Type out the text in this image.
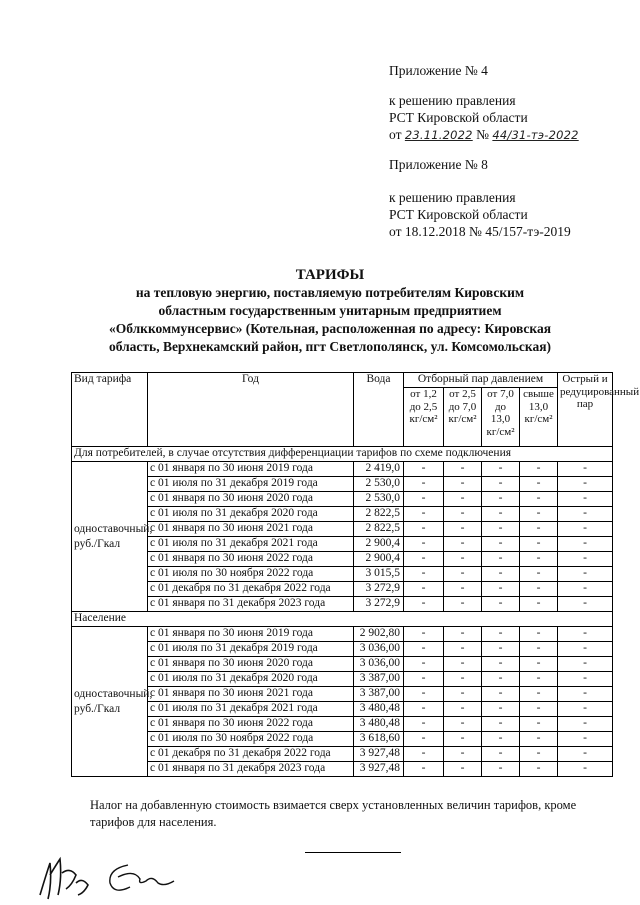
Приложение № 4
к решению правления
РСТ Кировской области
от 23.11.2022 № 44/31-тэ-2022
Приложение № 8
к решению правления
РСТ Кировской области
от 18.12.2018 № 45/157-тэ-2019
ТАРИФЫ
на тепловую энергию, поставляемую потребителям Кировским
областным государственным унитарным предприятием
«Облккоммунсервис» (Котельная, расположенная по адресу: Кировская
область, Верхнекамский район, пгт Светлополянск, ул. Комсомольская)
Вид тарифа	Год	Вода	Отборный пар давлением				Острый и редуцированный пар
			от 1,2 до 2,5 кг/см²	от 2,5 до 7,0 кг/см²	от 7,0 до 13,0 кг/см²	свыше 13,0 кг/см²	
Для потребителей, в случае отсутствия дифференциации тарифов по схеме подключения							
одноставочный, руб./Гкал	с 01 января по 30 июня 2019 года	2 419,0	-	-	-	-	-
	с 01 июля по 31 декабря 2019 года	2 530,0	-	-	-	-	-
	с 01 января по 30 июня 2020 года	2 530,0	-	-	-	-	-
	с 01 июля по 31 декабря 2020 года	2 822,5	-	-	-	-	-
	с 01 января по 30 июня 2021 года	2 822,5	-	-	-	-	-
	с 01 июля по 31 декабря 2021 года	2 900,4	-	-	-	-	-
	с 01 января по 30 июня 2022 года	2 900,4	-	-	-	-	-
	с 01 июля по 30 ноября 2022 года	3 015,5	-	-	-	-	-
	с 01 декабря по 31 декабря 2022 года	3 272,9	-	-	-	-	-
	с 01 января по 31 декабря 2023 года	3 272,9	-	-	-	-	-
Население							
одноставочный, руб./Гкал	с 01 января по 30 июня 2019 года	2 902,80	-	-	-	-	-
	с 01 июля по 31 декабря 2019 года	3 036,00	-	-	-	-	-
	с 01 января по 30 июня 2020 года	3 036,00	-	-	-	-	-
	с 01 июля по 31 декабря 2020 года	3 387,00	-	-	-	-	-
	с 01 января по 30 июня 2021 года	3 387,00	-	-	-	-	-
	с 01 июля по 31 декабря 2021 года	3 480,48	-	-	-	-	-
	с 01 января по 30 июня 2022 года	3 480,48	-	-	-	-	-
	с 01 июля по 30 ноября 2022 года	3 618,60	-	-	-	-	-
	с 01 декабря по 31 декабря 2022 года	3 927,48	-	-	-	-	-
	с 01 января по 31 декабря 2023 года	3 927,48	-	-	-	-	-
Налог на добавленную стоимость взимается сверх установленных величин тарифов, кроме тарифов для населения.
